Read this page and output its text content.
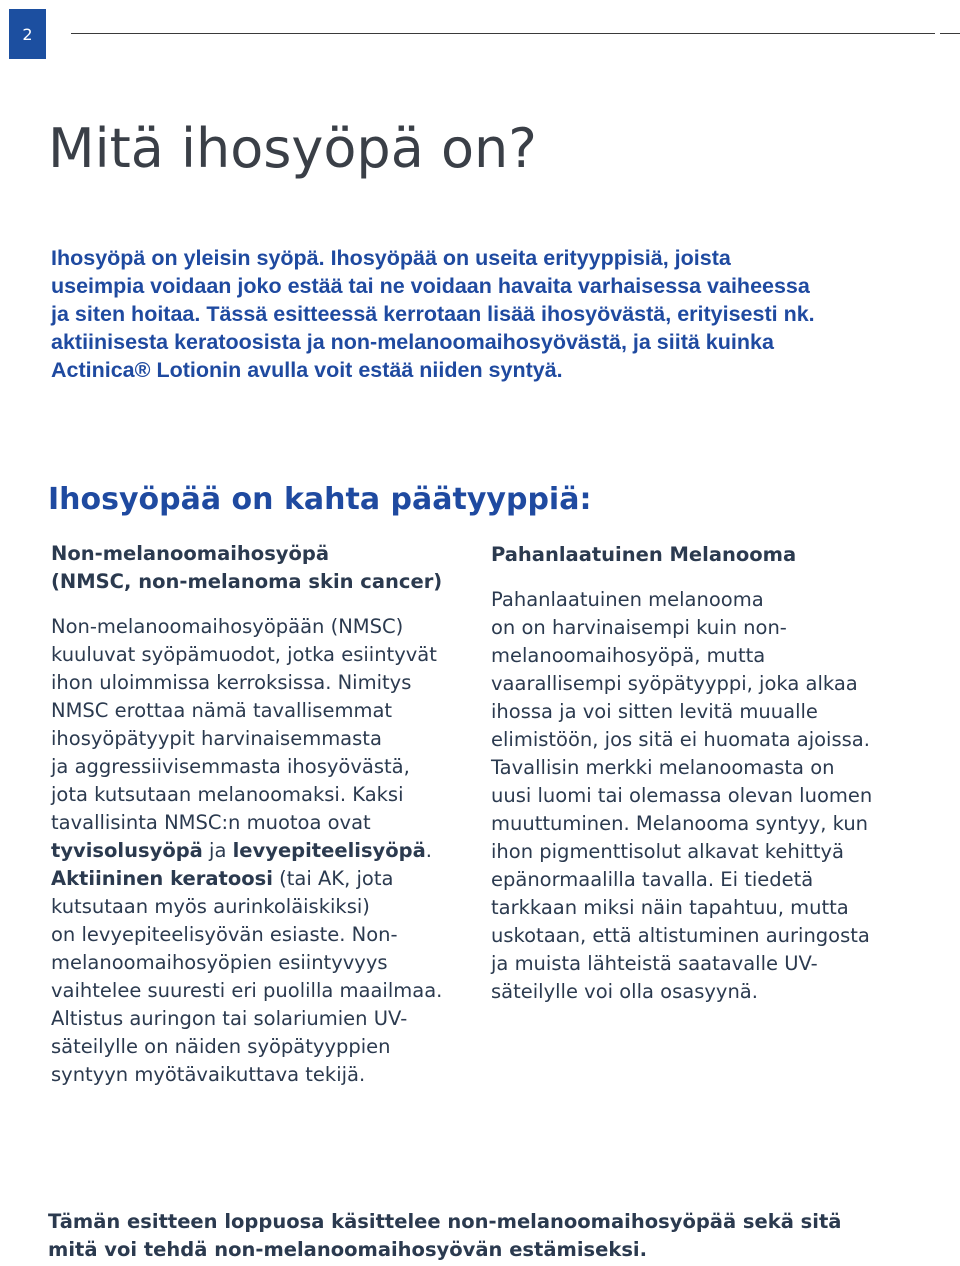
2
Mitä ihosyöpä on?

Ihosyöpä on yleisin syöpä. Ihosyöpää on useita erityyppisiä, joista
useimpia voidaan joko estää tai ne voidaan havaita varhaisessa vaiheessa
ja siten hoitaa. Tässä esitteessä kerrotaan lisää ihosyövästä, erityisesti nk.
aktiinisesta keratoosista ja non-melanoomaihosyövästä, ja siitä kuinka
Actinica® Lotionin avulla voit estää niiden syntyä.

Ihosyöpää on kahta päätyyppiä:
Non-melanoomaihosyöpä
(NMSC, non-melanoma skin cancer)
Non-melanoomaihosyöpään (NMSC)
kuuluvat syöpämuodot, jotka esiintyvät
ihon uloimmissa kerroksissa. Nimitys
NMSC erottaa nämä tavallisemmat
ihosyöpätyypit harvinaisemmasta
ja aggressiivisemmasta ihosyövästä,
jota kutsutaan melanoomaksi. Kaksi
tavallisinta NMSC:n muotoa ovat
tyvisolusyöpä ja levyepiteelisyöpä.
Aktiininen keratoosi (tai AK, jota
kutsutaan myös aurinkoläiskiksi)
on levyepiteelisyövän esiaste. Non-
melanoomaihosyöpien esiintyvyys
vaihtelee suuresti eri puolilla maailmaa.
Altistus auringon tai solariumien UV-
säteilylle on näiden syöpätyyppien
syntyyn myötävaikuttava tekijä.
Pahanlaatuinen Melanooma
Pahanlaatuinen melanooma
on on harvinaisempi kuin non-
melanoomaihosyöpä, mutta
vaarallisempi syöpätyyppi, joka alkaa
ihossa ja voi sitten levitä muualle
elimistöön, jos sitä ei huomata ajoissa.
Tavallisin merkki melanoomasta on
uusi luomi tai olemassa olevan luomen
muuttuminen. Melanooma syntyy, kun
ihon pigmenttisolut alkavat kehittyä
epänormaalilla tavalla. Ei tiedetä
tarkkaan miksi näin tapahtuu, mutta
uskotaan, että altistuminen auringosta
ja muista lähteistä saatavalle UV-
säteilylle voi olla osasyynä.

Tämän esitteen loppuosa käsittelee non-melanoomaihosyöpää sekä sitä
mitä voi tehdä non-melanoomaihosyövän estämiseksi.
